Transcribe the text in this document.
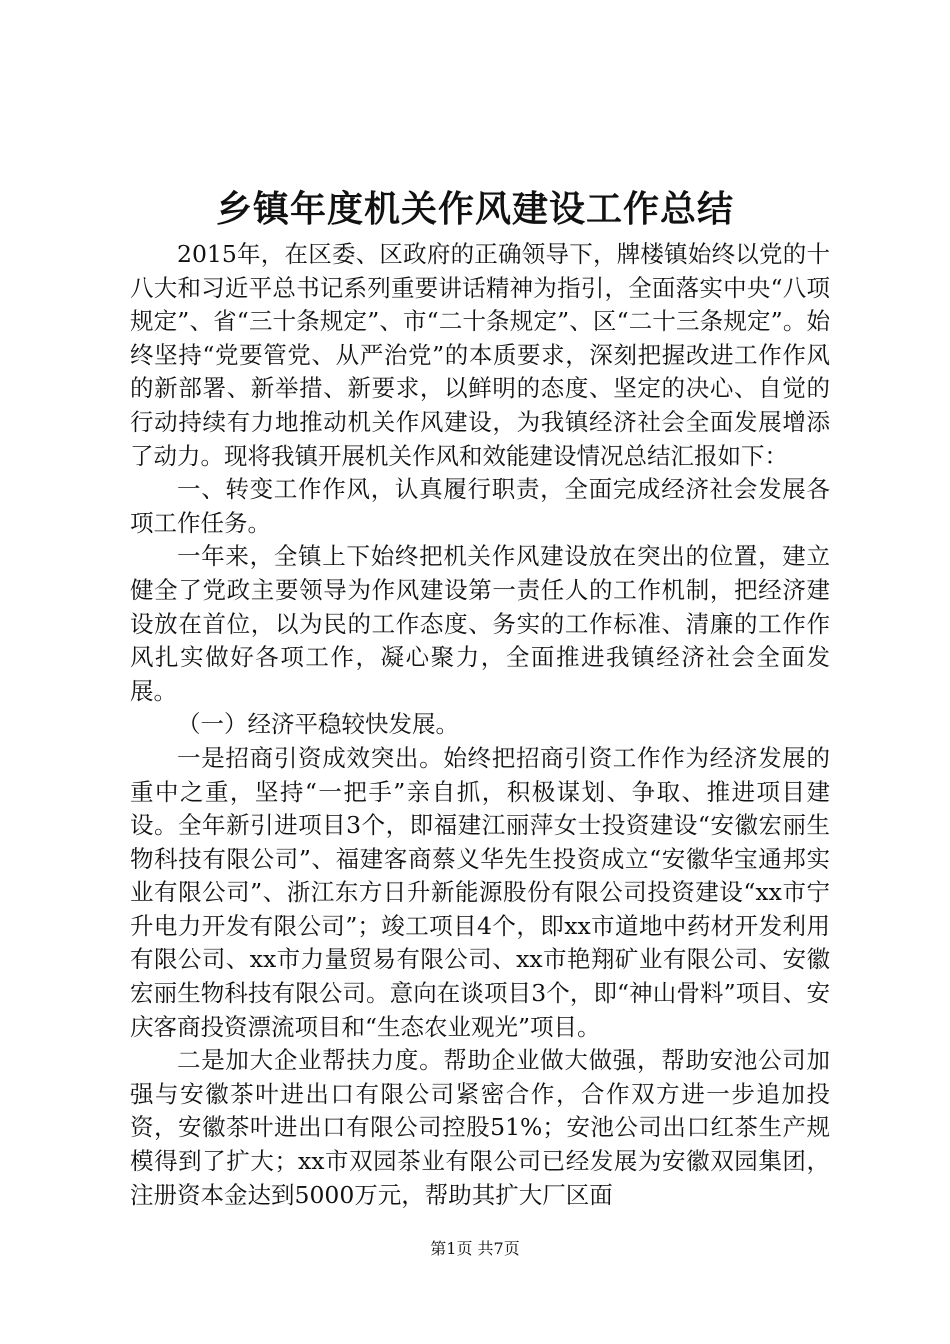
乡镇年度机关作风建设工作总结

2015年，在区委、区政府的正确领导下，牌楼镇始终以党的十八大和习近平总书记系列重要讲话精神为指引，全面落实中央“八项规定”、省“三十条规定”、市“二十条规定”、区“二十三条规定”。始终坚持“党要管党、从严治党”的本质要求，深刻把握改进工作作风的新部署、新举措、新要求，以鲜明的态度、坚定的决心、自觉的行动持续有力地推动机关作风建设，为我镇经济社会全面发展增添了动力。现将我镇开展机关作风和效能建设情况总结汇报如下：

一、转变工作作风，认真履行职责，全面完成经济社会发展各项工作任务。

一年来，全镇上下始终把机关作风建设放在突出的位置，建立健全了党政主要领导为作风建设第一责任人的工作机制，把经济建设放在首位，以为民的工作态度、务实的工作标准、清廉的工作作风扎实做好各项工作，凝心聚力，全面推进我镇经济社会全面发展。

（一）经济平稳较快发展。

一是招商引资成效突出。始终把招商引资工作作为经济发展的重中之重，坚持“一把手”亲自抓，积极谋划、争取、推进项目建设。全年新引进项目3个，即福建江丽萍女士投资建设“安徽宏丽生物科技有限公司”、福建客商蔡义华先生投资成立“安徽华宝通邦实业有限公司”、浙江东方日升新能源股份有限公司投资建设“xx市宁升电力开发有限公司”；竣工项目4个，即xx市道地中药材开发利用有限公司、xx市力量贸易有限公司、xx市艳翔矿业有限公司、安徽宏丽生物科技有限公司。意向在谈项目3个，即“神山骨料”项目、安庆客商投资漂流项目和“生态农业观光”项目。

二是加大企业帮扶力度。帮助企业做大做强，帮助安池公司加强与安徽茶叶进出口有限公司紧密合作，合作双方进一步追加投资，安徽茶叶进出口有限公司控股51%；安池公司出口红茶生产规模得到了扩大；xx市双园茶业有限公司已经发展为安徽双园集团，注册资本金达到5000万元，帮助其扩大厂区面

第1页 共7页
